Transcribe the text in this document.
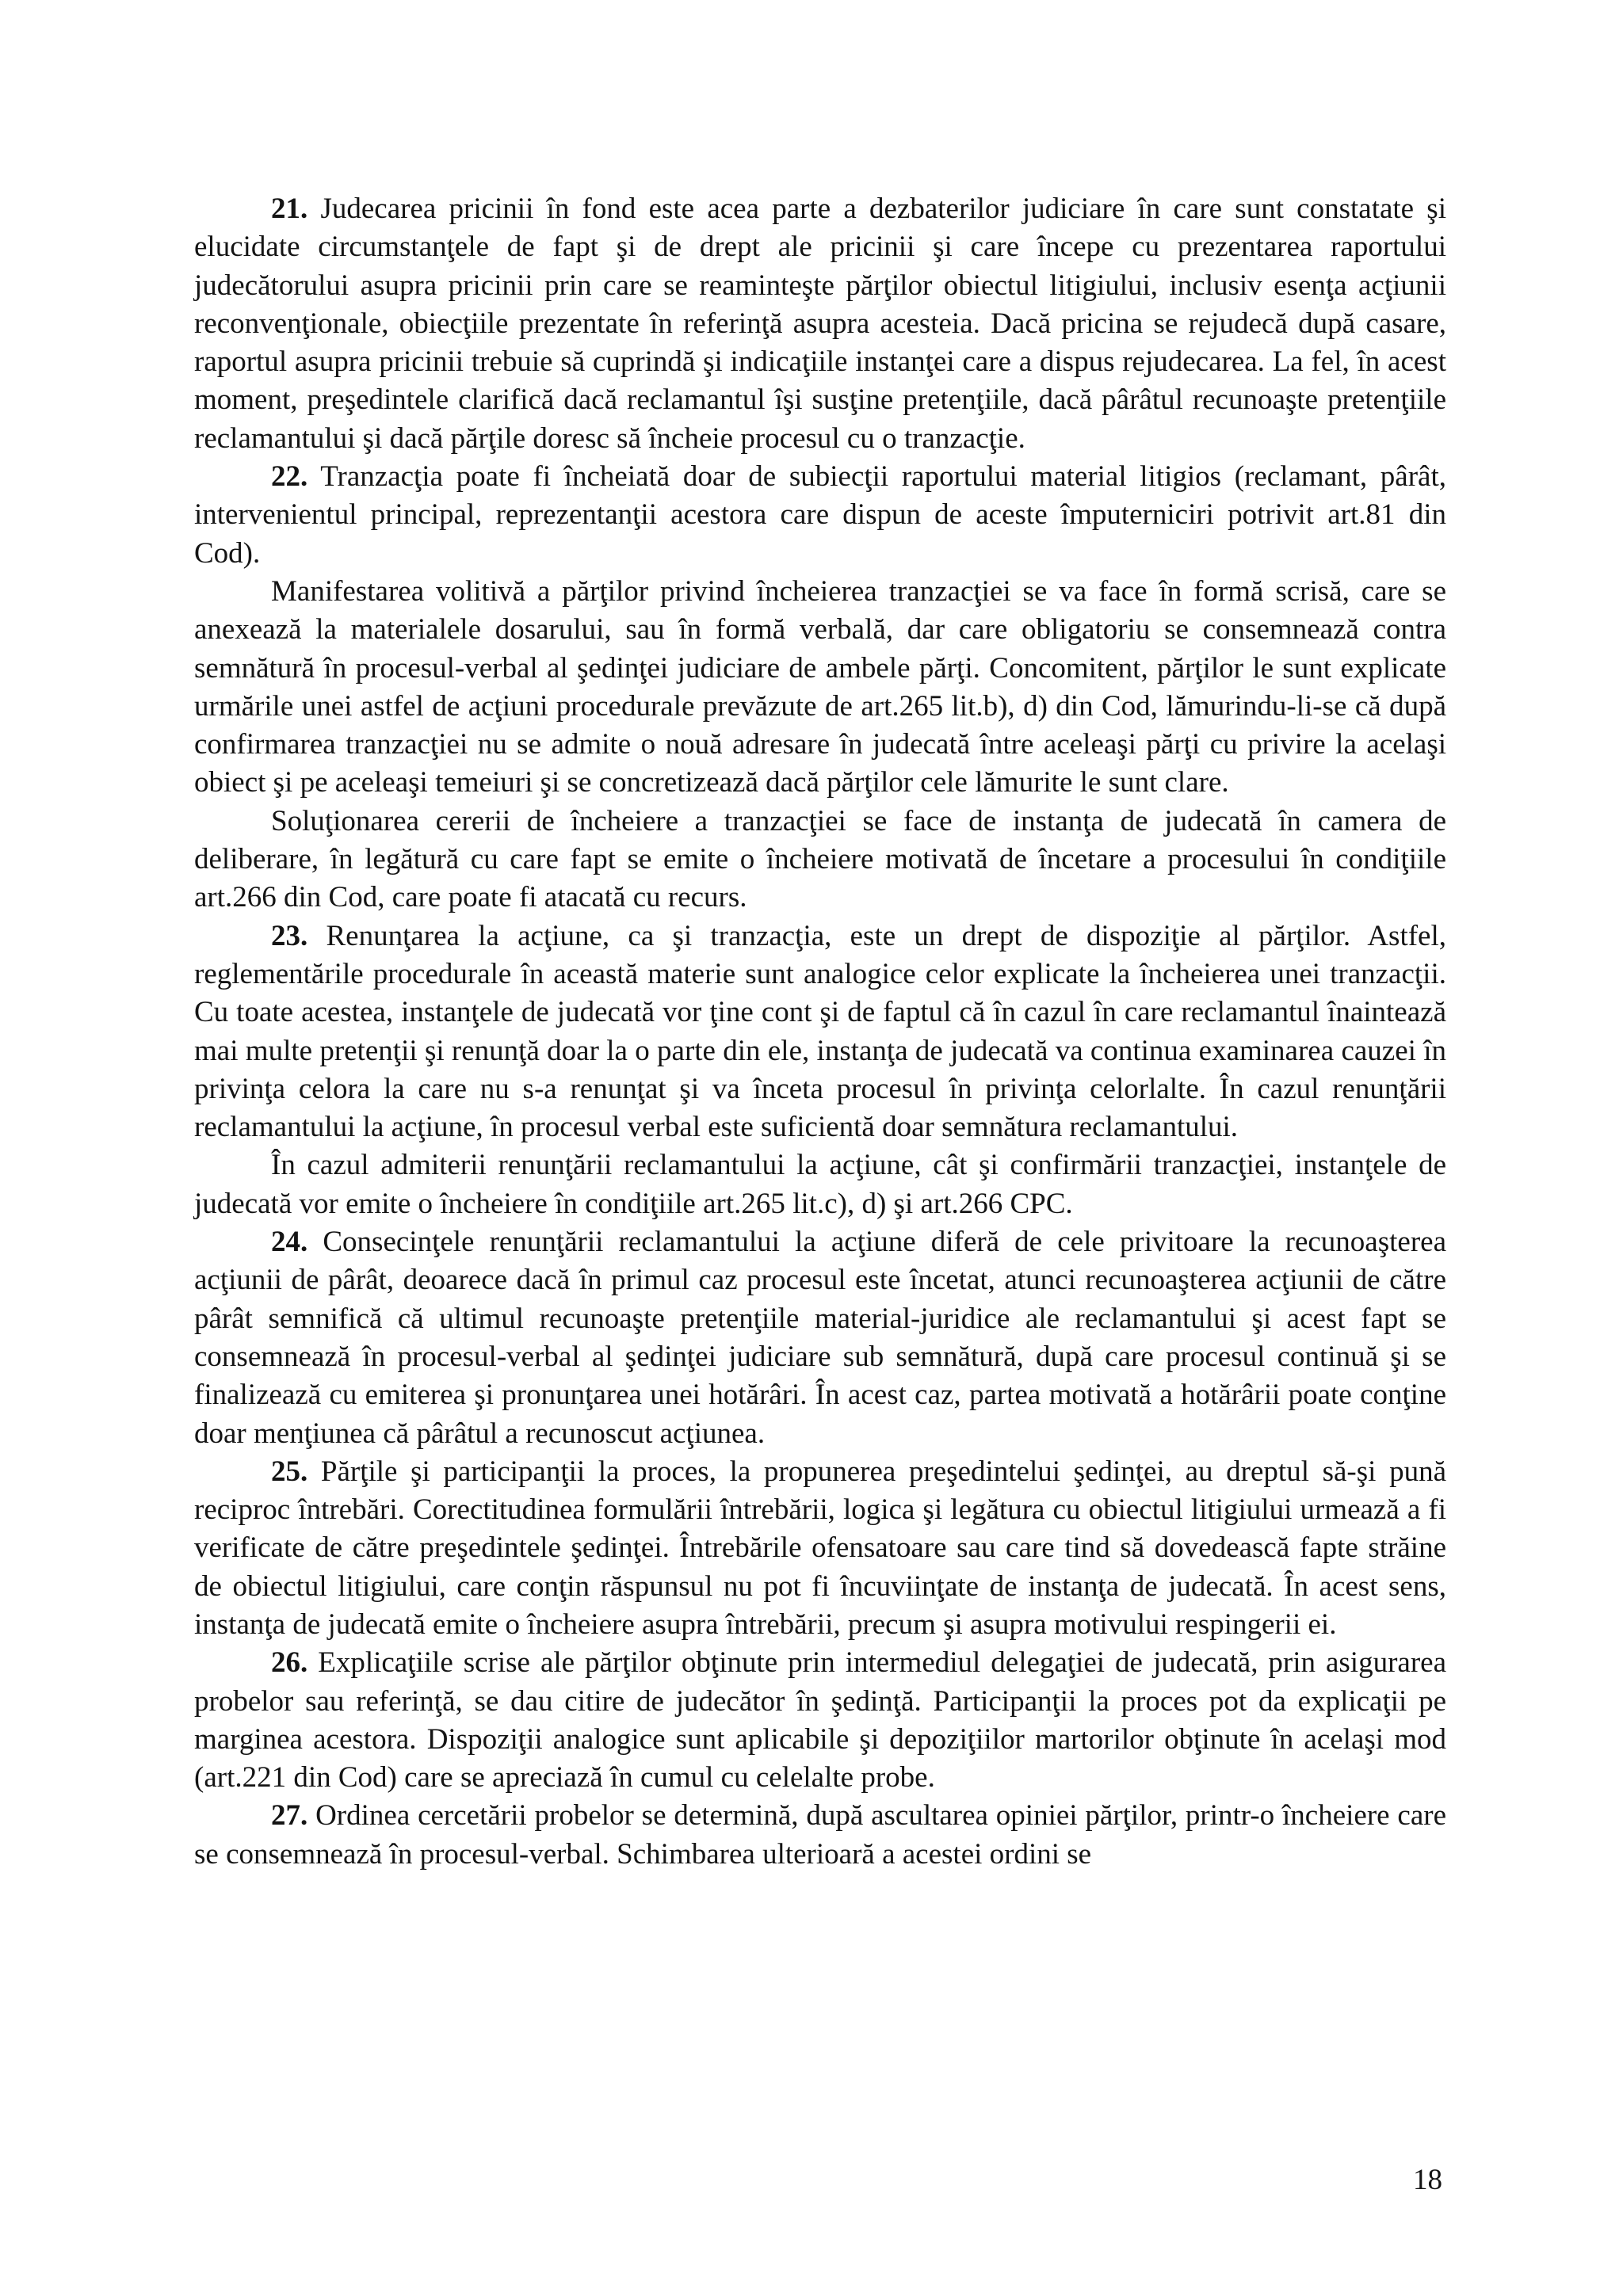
21. Judecarea pricinii în fond este acea parte a dezbaterilor judiciare în care sunt constatate şi elucidate circumstanţele de fapt şi de drept ale pricinii şi care începe cu prezentarea raportului judecătorului asupra pricinii prin care se reaminteşte părţilor obiectul litigiului, inclusiv esenţa acţiunii reconvenţionale, obiecţiile prezentate în referinţă asupra acesteia. Dacă pricina se rejudecă după casare, raportul asupra pricinii trebuie să cuprindă şi indicaţiile instanţei care a dispus rejudecarea. La fel, în acest moment, preşedintele clarifică dacă reclamantul îşi susţine pretenţiile, dacă pârâtul recunoaşte pretenţiile reclamantului şi dacă părţile doresc să încheie procesul cu o tranzacţie.

22. Tranzacţia poate fi încheiată doar de subiecţii raportului material litigios (reclamant, pârât, intervenientul principal, reprezentanţii acestora care dispun de aceste împuterniciri potrivit art.81 din Cod).

Manifestarea volitivă a părţilor privind încheierea tranzacţiei se va face în formă scrisă, care se anexează la materialele dosarului, sau în formă verbală, dar care obligatoriu se consemnează contra semnătură în procesul-verbal al şedinţei judiciare de ambele părţi. Concomitent, părţilor le sunt explicate urmările unei astfel de acţiuni procedurale prevăzute de art.265 lit.b), d) din Cod, lămurindu-li-se că după confirmarea tranzacţiei nu se admite o nouă adresare în judecată între aceleaşi părţi cu privire la acelaşi obiect şi pe aceleaşi temeiuri şi se concretizează dacă părţilor cele lămurite le sunt clare.

Soluţionarea cererii de încheiere a tranzacţiei se face de instanţa de judecată în camera de deliberare, în legătură cu care fapt se emite o încheiere motivată de încetare a procesului în condiţiile art.266 din Cod, care poate fi atacată cu recurs.

23. Renunţarea la acţiune, ca şi tranzacţia, este un drept de dispoziţie al părţilor. Astfel, reglementările procedurale în această materie sunt analogice celor explicate la încheierea unei tranzacţii. Cu toate acestea, instanţele de judecată vor ţine cont şi de faptul că în cazul în care reclamantul înaintează mai multe pretenţii şi renunţă doar la o parte din ele, instanţa de judecată va continua examinarea cauzei în privinţa celora la care nu s-a renunţat şi va înceta procesul în privinţa celorlalte. În cazul renunţării reclamantului la acţiune, în procesul verbal este suficientă doar semnătura reclamantului.

În cazul admiterii renunţării reclamantului la acţiune, cât şi confirmării tranzacţiei, instanţele de judecată vor emite o încheiere în condiţiile art.265 lit.c), d) şi art.266 CPC.

24. Consecinţele renunţării reclamantului la acţiune diferă de cele privitoare la recunoaşterea acţiunii de pârât, deoarece dacă în primul caz procesul este încetat, atunci recunoaşterea acţiunii de către pârât semnifică că ultimul recunoaşte pretenţiile material-juridice ale reclamantului şi acest fapt se consemnează în procesul-verbal al şedinţei judiciare sub semnătură, după care procesul continuă şi se finalizează cu emiterea şi pronunţarea unei hotărâri. În acest caz, partea motivată a hotărârii poate conţine doar menţiunea că pârâtul a recunoscut acţiunea.

25. Părţile şi participanţii la proces, la propunerea preşedintelui şedinţei, au dreptul să-şi pună reciproc întrebări. Corectitudinea formulării întrebării, logica şi legătura cu obiectul litigiului urmează a fi verificate de către preşedintele şedinţei. Întrebările ofensatoare sau care tind să dovedească fapte străine de obiectul litigiului, care conţin răspunsul nu pot fi încuviinţate de instanţa de judecată. În acest sens, instanţa de judecată emite o încheiere asupra întrebării, precum şi asupra motivului respingerii ei.

26. Explicaţiile scrise ale părţilor obţinute prin intermediul delegaţiei de judecată, prin asigurarea probelor sau referinţă, se dau citire de judecător în şedinţă. Participanţii la proces pot da explicaţii pe marginea acestora. Dispoziţii analogice sunt aplicabile şi depoziţiilor martorilor obţinute în acelaşi mod (art.221 din Cod) care se apreciază în cumul cu celelalte probe.

27. Ordinea cercetării probelor se determină, după ascultarea opiniei părţilor, printr-o încheiere care se consemnează în procesul-verbal. Schimbarea ulterioară a acestei ordini se

18
